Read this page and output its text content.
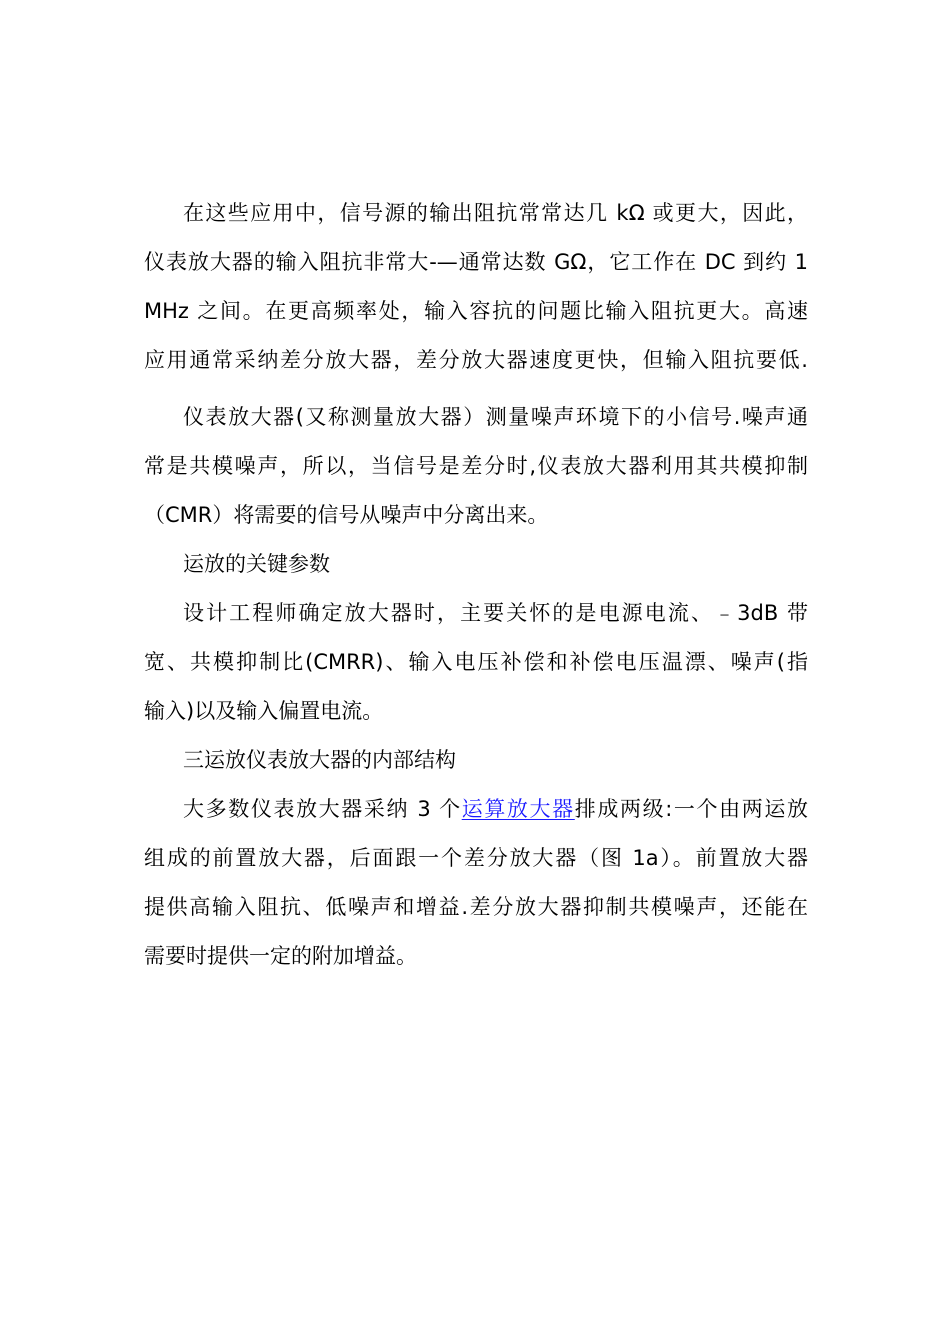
在这些应用中，信号源的输出阻抗常常达几 kΩ 或更大，因此，
仪表放大器的输入阻抗非常大-—通常达数 GΩ，它工作在 DC 到约 1
MHz 之间。在更高频率处，输入容抗的问题比输入阻抗更大。高速
应用通常采纳差分放大器，差分放大器速度更快，但输入阻抗要低.
仪表放大器(又称测量放大器）测量噪声环境下的小信号.噪声通
常是共模噪声，所以，当信号是差分时,仪表放大器利用其共模抑制
（CMR）将需要的信号从噪声中分离出来。
运放的关键参数
设计工程师确定放大器时，主要关怀的是电源电流、﹣3dB 带
宽、共模抑制比(CMRR)、输入电压补偿和补偿电压温漂、噪声(指
输入)以及输入偏置电流。
三运放仪表放大器的内部结构
大多数仪表放大器采纳 3 个运算放大器排成两级:一个由两运放
组成的前置放大器，后面跟一个差分放大器（图 1a）。前置放大器
提供高输入阻抗、低噪声和增益.差分放大器抑制共模噪声，还能在
需要时提供一定的附加增益。
